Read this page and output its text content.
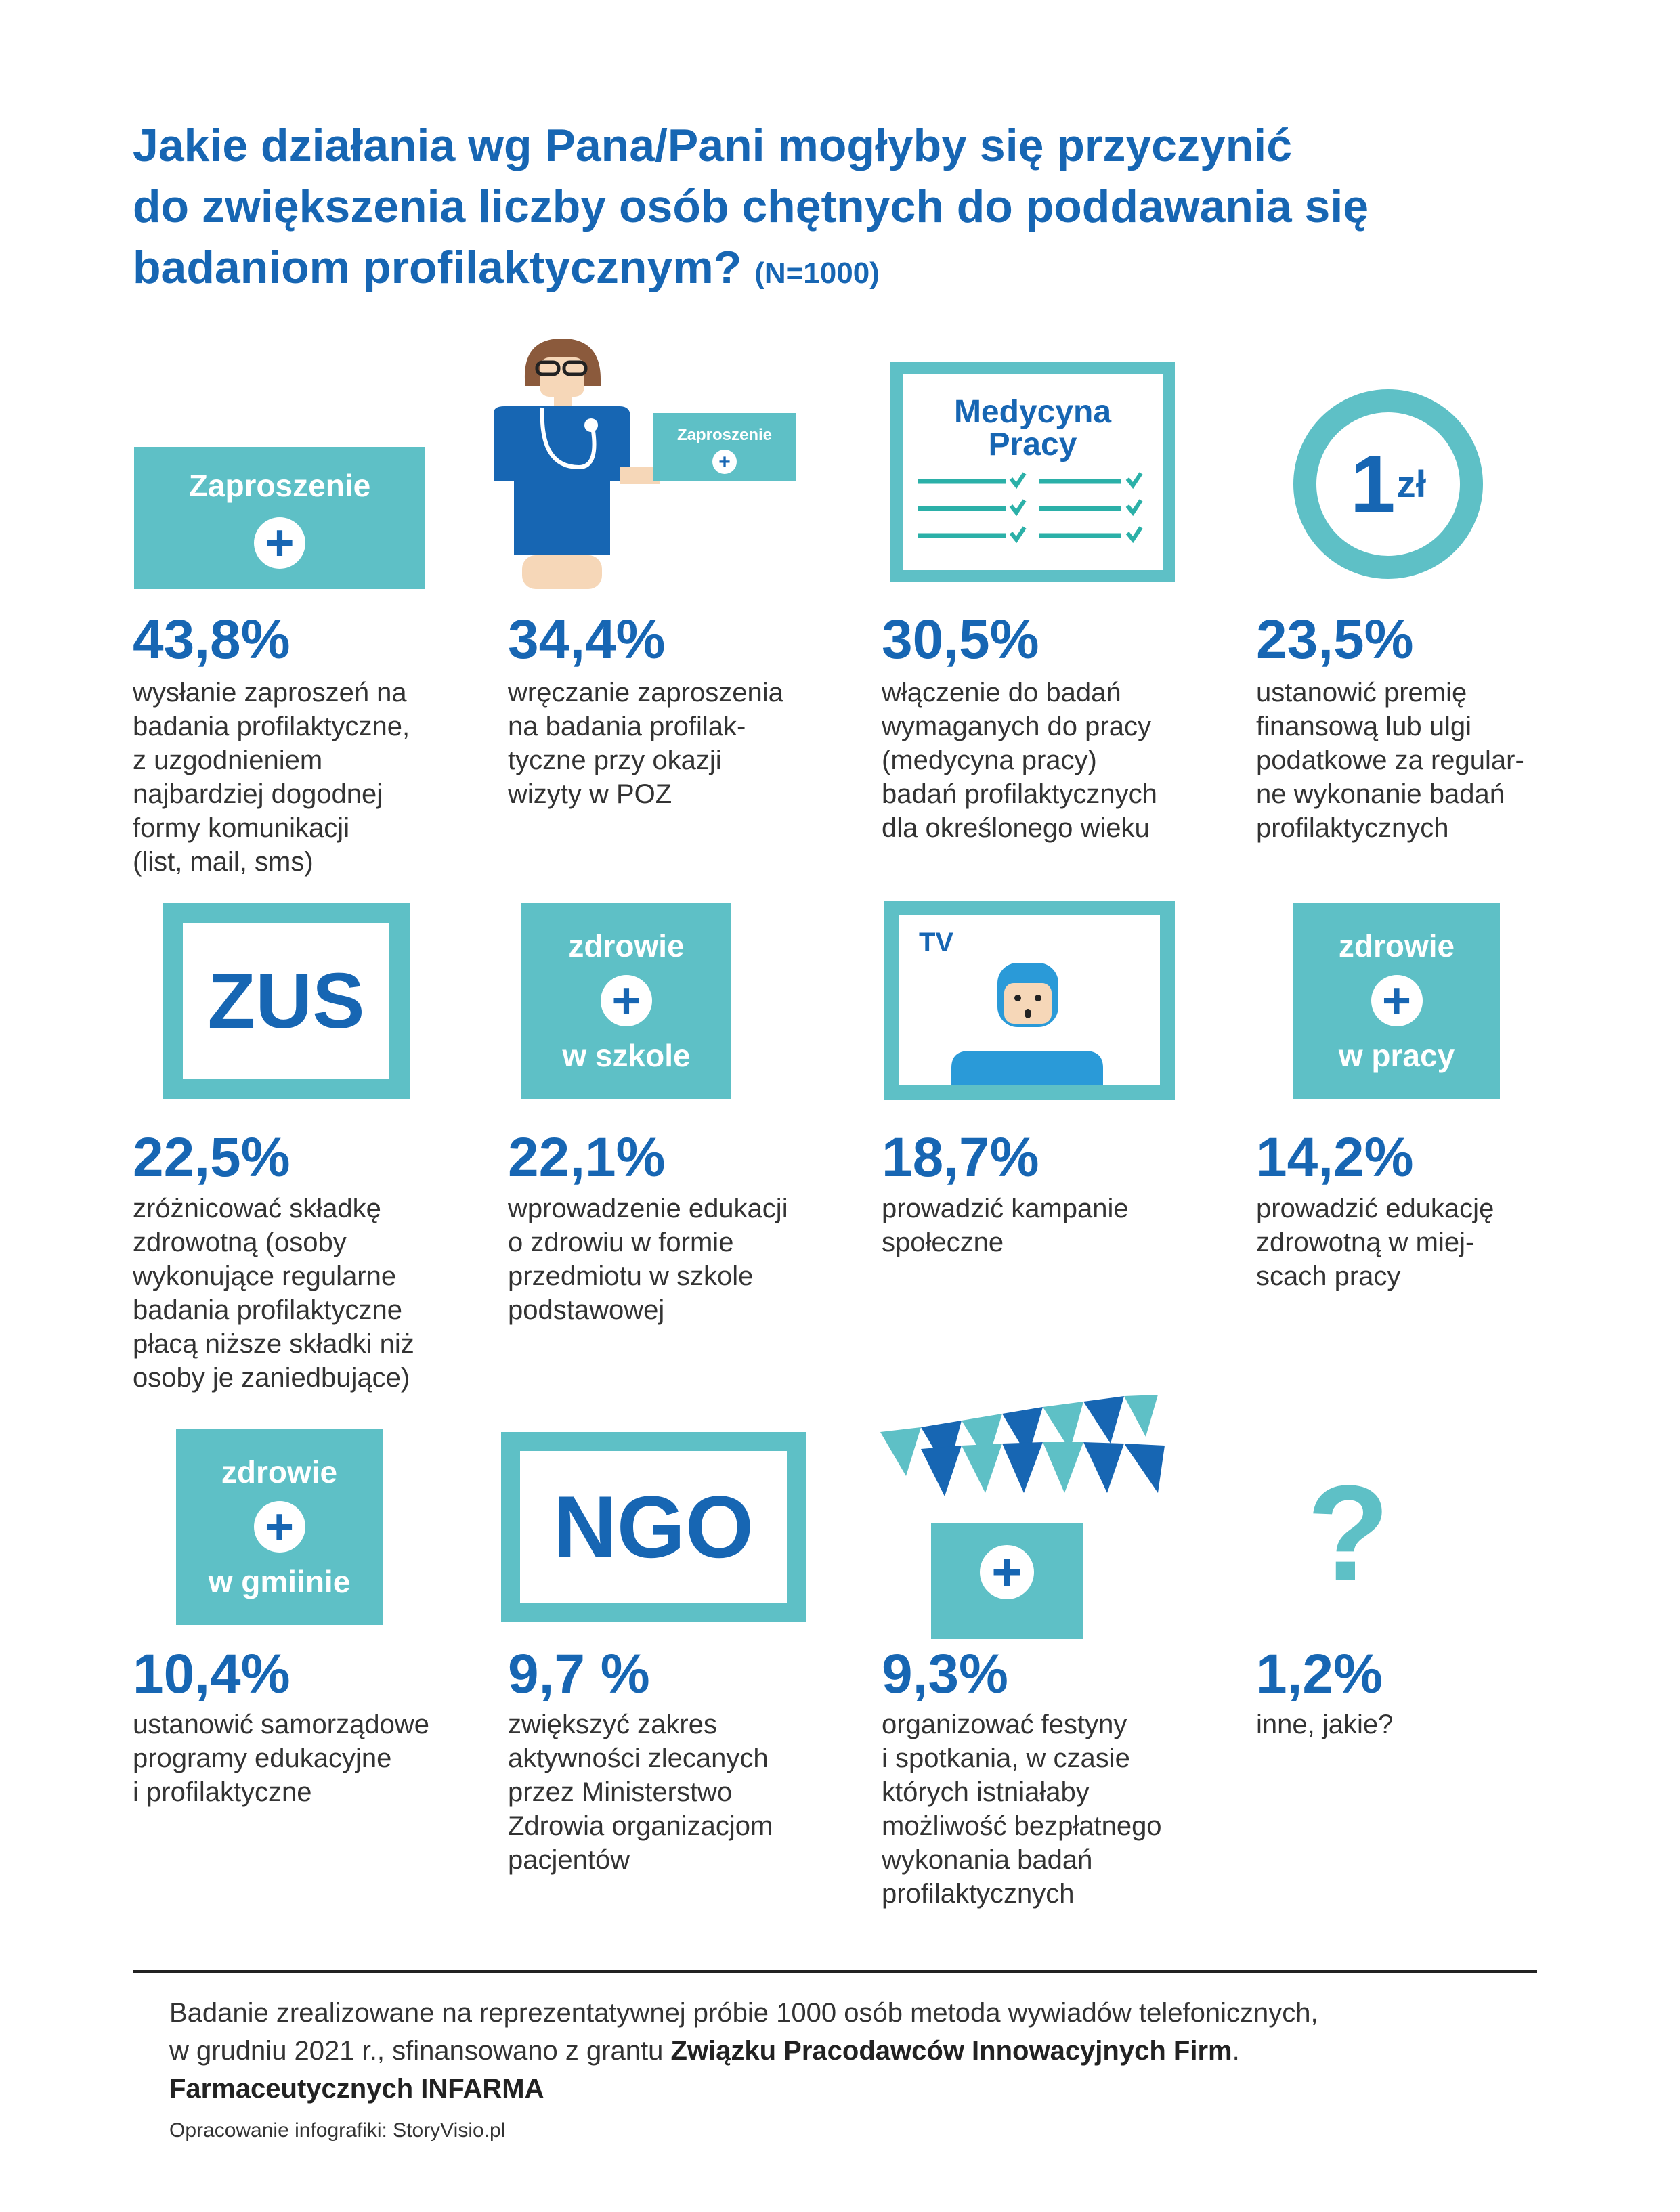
Jakie działania wg Pana/Pani mogłyby się przyczynić
do zwiększenia liczby osób chętnych do poddawania się
badaniom profilaktycznym? (N=1000)
Zaproszenie
+
Zaproszenie
+
Medycyna
Pracy	1 zł
43,8%
wysłanie zaproszeń na
badania profilaktyczne,
z uzgodnieniem
najbardziej dogodnej
formy komunikacji
(list, mail, sms)
34,4%
wręczanie zaproszenia
na badania profilak-
tyczne przy okazji
wizyty w POZ
30,5%
włączenie do badań
wymaganych do pracy
(medycyna pracy)
badań profilaktycznych
dla określonego wieku
23,5%
ustanowić premię
finansową lub ulgi
podatkowe za regular-
ne wykonanie badań
profilaktycznych
ZUS
zdrowie
+
w szkole
TV	zdrowie
+
w pracy
22,5%
zróżnicować składkę
zdrowotną (osoby
wykonujące regularne
badania profilaktyczne
płacą niższe składki niż
osoby je zaniedbujące)
22,1%
wprowadzenie edukacji
o zdrowiu w formie
przedmiotu w szkole
podstawowej
18,7%
prowadzić kampanie
społeczne
14,2%
prowadzić edukację
zdrowotną w miej-
scach pracy
zdrowie
+
w gmiinie
NGO	+ ?
10,4%
ustanowić samorządowe
programy edukacyjne
i profilaktyczne
9,7 %
zwiększyć zakres
aktywności zlecanych
przez Ministerstwo
Zdrowia organizacjom
pacjentów
9,3%
organizować festyny
i spotkania, w czasie
których istniałaby
możliwość bezpłatnego
wykonania badań
profilaktycznych
1,2%
inne, jakie?
Badanie zrealizowane na reprezentatywnej próbie 1000 osób metoda wywiadów telefonicznych,
w grudniu 2021 r., sfinansowano z grantu Związku Pracodawców Innowacyjnych Firm.
Farmaceutycznych INFARMA
Opracowanie infografiki: StoryVisio.pl
